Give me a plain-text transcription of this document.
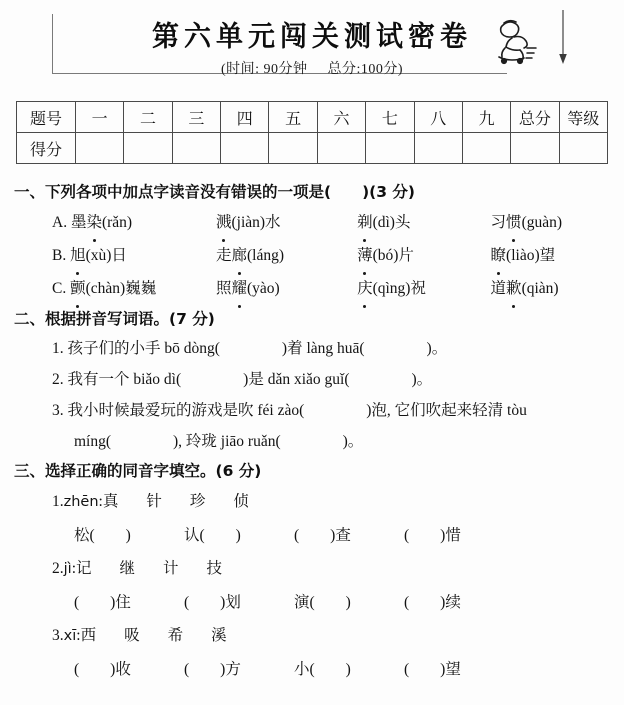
第六单元闯关测试密卷
(时间: 90分钟 总分:100分)
题号	一	二	三	四	五	六	七	八	九	总分	等级
得分											
一、下列各项中加点字读音没有错误的一项是(　　)(3 分)
A. 墨染(rǎn)	溅(jiàn)水	剃(dì)头	习惯(guàn)
B. 旭(xù)日	走廊(láng)	薄(bó)片	瞭(liào)望
C. 颤(chàn)巍巍	照耀(yào)	庆(qìng)祝	道歉(qiàn)
二、根据拼音写词语。(7 分)
1. 孩子们的小手 bō dòng(　　　　)着 làng huā(　　　　)。
2. 我有一个 biǎo dì(　　　　)是 dǎn xiǎo guǐ(　　　　)。
3. 我小时候最爱玩的游戏是吹 féi zào(　　　　)泡, 它们吹起来轻清 tòu
míng(　　　　), 玲珑 jiāo ruǎn(　　　　)。
三、选择正确的同音字填空。(6 分)
1.zhēn:真 针 珍 侦
松(　　)	认(　　)	(　　)查	(　　)惜
2.jì:记 继 计 技
(　　)住	(　　)划	演(　　)	(　　)续
3.xī:西 吸 希 溪
(　　)收	(　　)方	小(　　)	(　　)望
